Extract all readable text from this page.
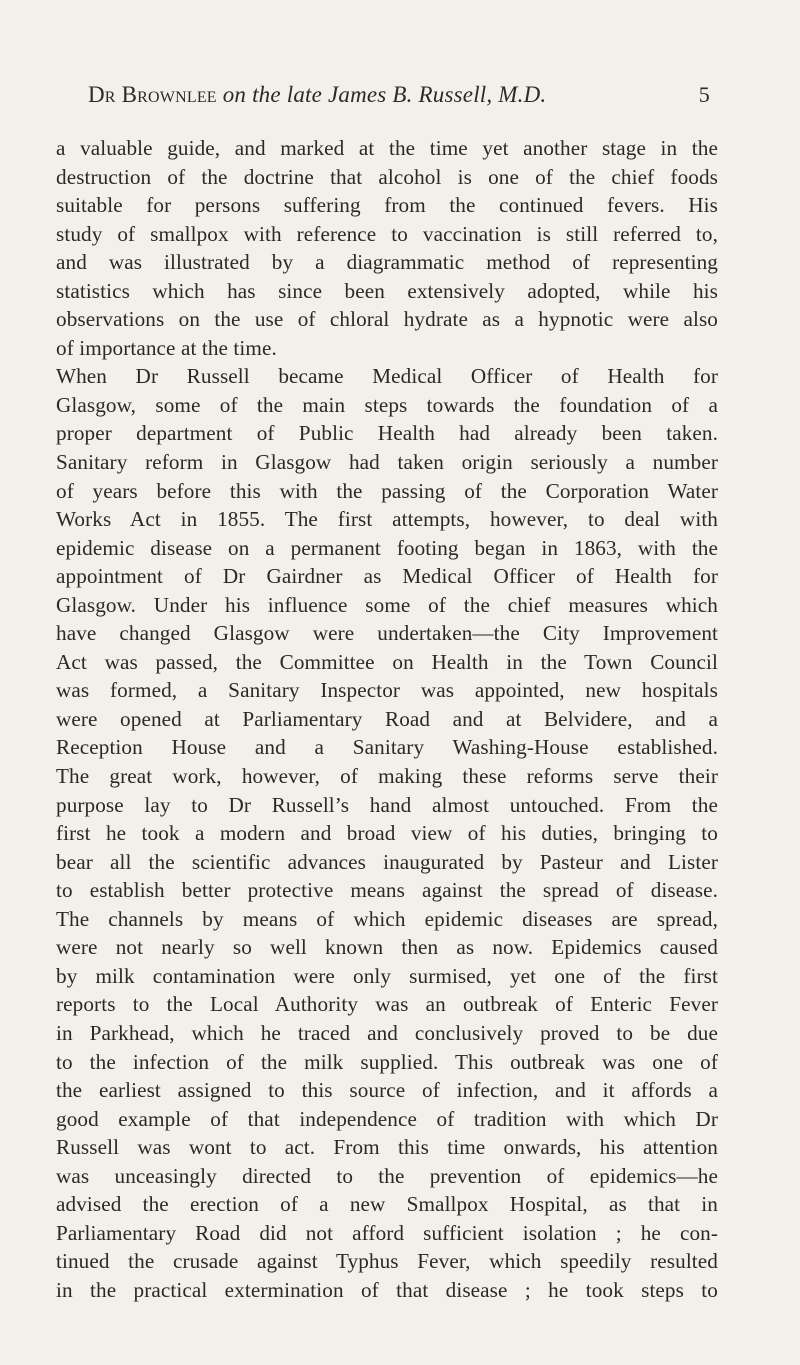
Dr Brownlee on the late James B. Russell, M.D.	5
a valuable guide, and marked at the time yet another stage in the
destruction of the doctrine that alcohol is one of the chief foods
suitable for persons suffering from the continued fevers. His
study of smallpox with reference to vaccination is still referred to,
and was illustrated by a diagrammatic method of representing
statistics which has since been extensively adopted, while his
observations on the use of chloral hydrate as a hypnotic were also
of importance at the time.
When Dr Russell became Medical Officer of Health for
Glasgow, some of the main steps towards the foundation of a
proper department of Public Health had already been taken.
Sanitary reform in Glasgow had taken origin seriously a number
of years before this with the passing of the Corporation Water
Works Act in 1855. The first attempts, however, to deal with
epidemic disease on a permanent footing began in 1863, with the
appointment of Dr Gairdner as Medical Officer of Health for
Glasgow. Under his influence some of the chief measures which
have changed Glasgow were undertaken—the City Improvement
Act was passed, the Committee on Health in the Town Council
was formed, a Sanitary Inspector was appointed, new hospitals
were opened at Parliamentary Road and at Belvidere, and a
Reception House and a Sanitary Washing-House established.
The great work, however, of making these reforms serve their
purpose lay to Dr Russell’s hand almost untouched. From the
first he took a modern and broad view of his duties, bringing to
bear all the scientific advances inaugurated by Pasteur and Lister
to establish better protective means against the spread of disease.
The channels by means of which epidemic diseases are spread,
were not nearly so well known then as now. Epidemics caused
by milk contamination were only surmised, yet one of the first
reports to the Local Authority was an outbreak of Enteric Fever
in Parkhead, which he traced and conclusively proved to be due
to the infection of the milk supplied. This outbreak was one of
the earliest assigned to this source of infection, and it affords a
good example of that independence of tradition with which Dr
Russell was wont to act. From this time onwards, his attention
was unceasingly directed to the prevention of epidemics—he
advised the erection of a new Smallpox Hospital, as that in
Parliamentary Road did not afford sufficient isolation ; he con-
tinued the crusade against Typhus Fever, which speedily resulted
in the practical extermination of that disease ; he took steps to
